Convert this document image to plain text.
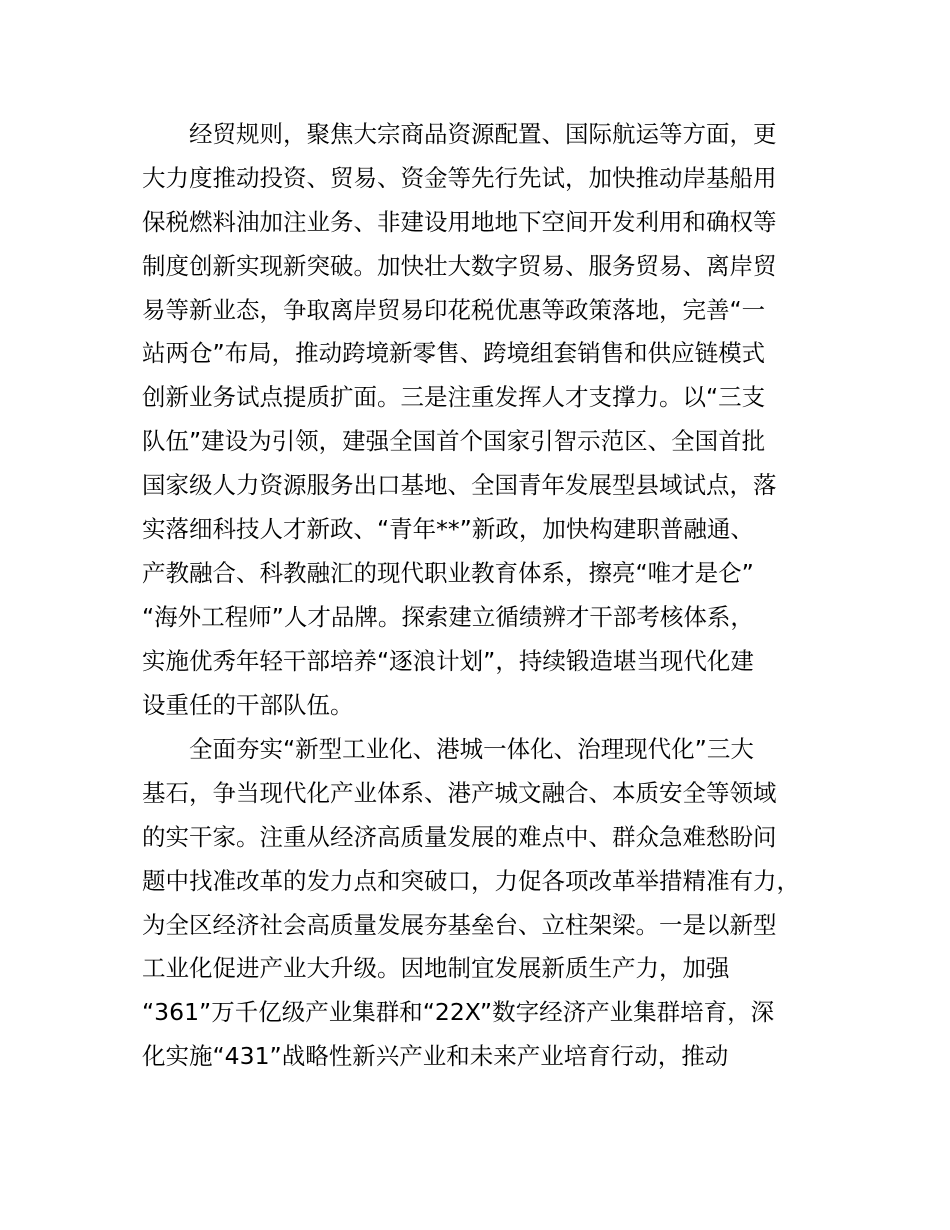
经贸规则，聚焦大宗商品资源配置、国际航运等方面，更
大力度推动投资、贸易、资金等先行先试，加快推动岸基船用
保税燃料油加注业务、非建设用地地下空间开发利用和确权等
制度创新实现新突破。加快壮大数字贸易、服务贸易、离岸贸
易等新业态，争取离岸贸易印花税优惠等政策落地，完善“一
站两仓”布局，推动跨境新零售、跨境组套销售和供应链模式
创新业务试点提质扩面。三是注重发挥人才支撑力。以“三支
队伍”建设为引领，建强全国首个国家引智示范区、全国首批
国家级人力资源服务出口基地、全国青年发展型县域试点，落
实落细科技人才新政、“青年**”新政，加快构建职普融通、
产教融合、科教融汇的现代职业教育体系，擦亮“唯才是仑”
“海外工程师”人才品牌。探索建立循绩辨才干部考核体系，
实施优秀年轻干部培养“逐浪计划”，持续锻造堪当现代化建
设重任的干部队伍。
全面夯实“新型工业化、港城一体化、治理现代化”三大
基石，争当现代化产业体系、港产城文融合、本质安全等领域
的实干家。注重从经济高质量发展的难点中、群众急难愁盼问
题中找准改革的发力点和突破口，力促各项改革举措精准有力，
为全区经济社会高质量发展夯基垒台、立柱架梁。一是以新型
工业化促进产业大升级。因地制宜发展新质生产力，加强
“361”万千亿级产业集群和“22X”数字经济产业集群培育，深
化实施“431”战略性新兴产业和未来产业培育行动，推动
